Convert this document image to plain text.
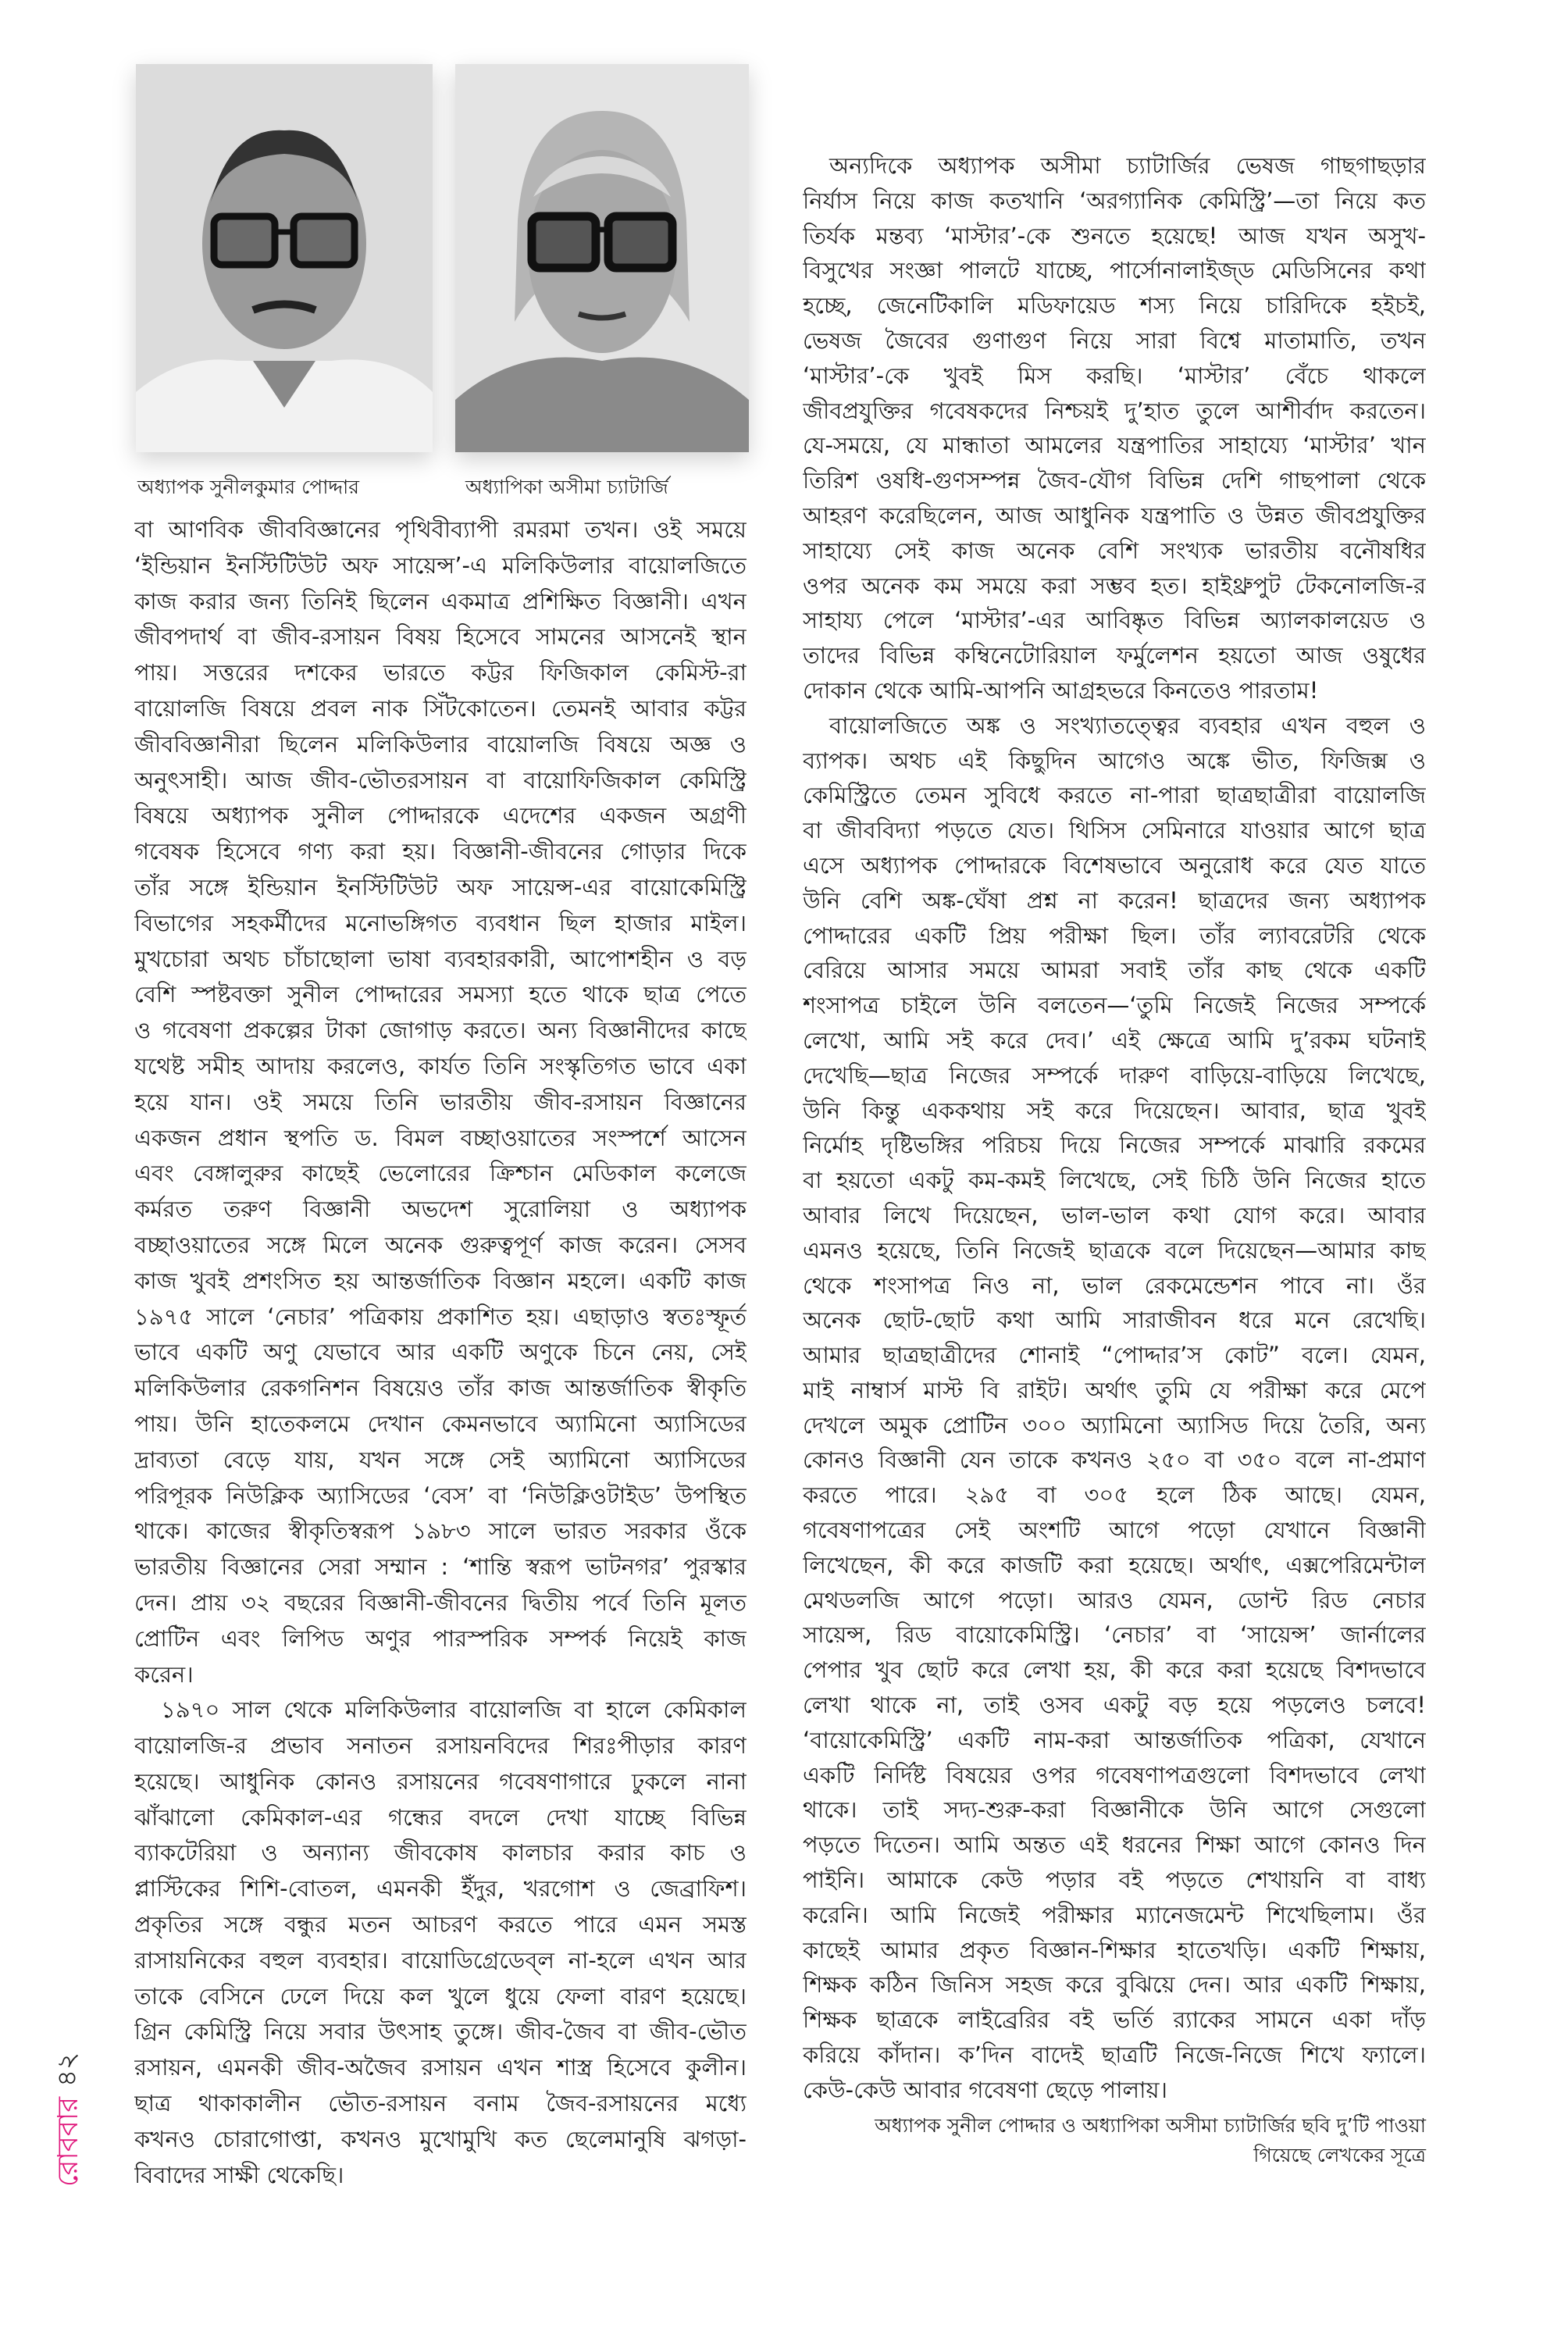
অধ্যাপক সুনীলকুমার পোদ্দার	অধ্যাপিকা অসীমা চ্যাটার্জি
বা আণবিক জীববিজ্ঞানের পৃথিবীব্যাপী রমরমা তখন। ওই সময়ে
‘ইন্ডিয়ান ইনস্টিটিউট অফ সায়েন্স’-এ মলিকিউলার বায়োলজিতে
কাজ করার জন্য তিনিই ছিলেন একমাত্র প্রশিক্ষিত বিজ্ঞানী। এখন
জীবপদার্থ বা জীব-রসায়ন বিষয় হিসেবে সামনের আসনেই স্থান
পায়। সত্তরের দশকের ভারতে কট্টর ফিজিকাল কেমিস্ট-রা
বায়োলজি বিষয়ে প্রবল নাক সিঁটকোতেন। তেমনই আবার কট্টর
জীববিজ্ঞানীরা ছিলেন মলিকিউলার বায়োলজি বিষয়ে অজ্ঞ ও
অনুৎসাহী। আজ জীব-ভৌতরসায়ন বা বায়োফিজিকাল কেমিস্ট্রি
বিষয়ে অধ্যাপক সুনীল পোদ্দারকে এদেশের একজন অগ্রণী
গবেষক হিসেবে গণ্য করা হয়। বিজ্ঞানী-জীবনের গোড়ার দিকে
তাঁর সঙ্গে ইন্ডিয়ান ইনস্টিটিউট অফ সায়েন্স-এর বায়োকেমিস্ট্রি
বিভাগের সহকর্মীদের মনোভঙ্গিগত ব্যবধান ছিল হাজার মাইল।
মুখচোরা অথচ চাঁচাছোলা ভাষা ব্যবহারকারী, আপোশহীন ও বড়
বেশি স্পষ্টবক্তা সুনীল পোদ্দারের সমস্যা হতে থাকে ছাত্র পেতে
ও গবেষণা প্রকল্পের টাকা জোগাড় করতে। অন্য বিজ্ঞানীদের কাছে
যথেষ্ট সমীহ আদায় করলেও, কার্যত তিনি সংস্কৃতিগত ভাবে একা
হয়ে যান। ওই সময়ে তিনি ভারতীয় জীব-রসায়ন বিজ্ঞানের
একজন প্রধান স্থপতি ড. বিমল বচ্ছাওয়াতের সংস্পর্শে আসেন
এবং বেঙ্গালুরুর কাছেই ভেলোরের ক্রিশ্চান মেডিকাল কলেজে
কর্মরত তরুণ বিজ্ঞানী অভদেশ সুরোলিয়া ও অধ্যাপক
বচ্ছাওয়াতের সঙ্গে মিলে অনেক গুরুত্বপূর্ণ কাজ করেন। সেসব
কাজ খুবই প্রশংসিত হয় আন্তর্জাতিক বিজ্ঞান মহলে। একটি কাজ
১৯৭৫ সালে ‘নেচার’ পত্রিকায় প্রকাশিত হয়। এছাড়াও স্বতঃস্ফূর্ত
ভাবে একটি অণু যেভাবে আর একটি অণুকে চিনে নেয়, সেই
মলিকিউলার রেকগনিশন বিষয়েও তাঁর কাজ আন্তর্জাতিক স্বীকৃতি
পায়। উনি হাতেকলমে দেখান কেমনভাবে অ্যামিনো অ্যাসিডের
দ্রাব্যতা বেড়ে যায়, যখন সঙ্গে সেই অ্যামিনো অ্যাসিডের
পরিপূরক নিউক্লিক অ্যাসিডের ‘বেস’ বা ‘নিউক্লিওটাইড’ উপস্থিত
থাকে। কাজের স্বীকৃতিস্বরূপ ১৯৮৩ সালে ভারত সরকার ওঁকে
ভারতীয় বিজ্ঞানের সেরা সম্মান : ‘শান্তি স্বরূপ ভাটনগর’ পুরস্কার
দেন। প্রায় ৩২ বছরের বিজ্ঞানী-জীবনের দ্বিতীয় পর্বে তিনি মূলত
প্রোটিন এবং লিপিড অণুর পারস্পরিক সম্পর্ক নিয়েই কাজ
করেন।
১৯৭০ সাল থেকে মলিকিউলার বায়োলজি বা হালে কেমিকাল
বায়োলজি-র প্রভাব সনাতন রসায়নবিদের শিরঃপীড়ার কারণ
হয়েছে। আধুনিক কোনও রসায়নের গবেষণাগারে ঢুকলে নানা
ঝাঁঝালো কেমিকাল-এর গন্ধের বদলে দেখা যাচ্ছে বিভিন্ন
ব্যাকটেরিয়া ও অন্যান্য জীবকোষ কালচার করার কাচ ও
প্লাস্টিকের শিশি-বোতল, এমনকী ইঁদুর, খরগোশ ও জেব্রাফিশ।
প্রকৃতির সঙ্গে বন্ধুর মতন আচরণ করতে পারে এমন সমস্ত
রাসায়নিকের বহুল ব্যবহার। বায়োডিগ্রেডেব্‌ল না-হলে এখন আর
তাকে বেসিনে ঢেলে দিয়ে কল খুলে ধুয়ে ফেলা বারণ হয়েছে।
গ্রিন কেমিস্ট্রি নিয়ে সবার উৎসাহ তুঙ্গে। জীব-জৈব বা জীব-ভৌত
রসায়ন, এমনকী জীব-অজৈব রসায়ন এখন শাস্ত্র হিসেবে কুলীন।
ছাত্র থাকাকালীন ভৌত-রসায়ন বনাম জৈব-রসায়নের মধ্যে
কখনও চোরাগোপ্তা, কখনও মুখোমুখি কত ছেলেমানুষি ঝগড়া-
বিবাদের সাক্ষী থেকেছি।
অন্যদিকে অধ্যাপক অসীমা চ্যাটার্জির ভেষজ গাছগাছড়ার
নির্যাস নিয়ে কাজ কতখানি ‘অরগ্যানিক কেমিস্ট্রি’—তা নিয়ে কত
তির্যক মন্তব্য ‘মাস্টার’-কে শুনতে হয়েছে! আজ যখন অসুখ-
বিসুখের সংজ্ঞা পালটে যাচ্ছে, পার্সোনালাইজ্‌ড মেডিসিনের কথা
হচ্ছে, জেনেটিকালি মডিফায়েড শস্য নিয়ে চারিদিকে হইচই,
ভেষজ জৈবের গুণাগুণ নিয়ে সারা বিশ্বে মাতামাতি, তখন
‘মাস্টার’-কে খুবই মিস করছি। ‘মাস্টার’ বেঁচে থাকলে
জীবপ্রযুক্তির গবেষকদের নিশ্চয়ই দু’হাত তুলে আশীর্বাদ করতেন।
যে-সময়ে, যে মান্ধাতা আমলের যন্ত্রপাতির সাহায্যে ‘মাস্টার’ খান
তিরিশ ওষধি-গুণসম্পন্ন জৈব-যৌগ বিভিন্ন দেশি গাছপালা থেকে
আহরণ করেছিলেন, আজ আধুনিক যন্ত্রপাতি ও উন্নত জীবপ্রযুক্তির
সাহায্যে সেই কাজ অনেক বেশি সংখ্যক ভারতীয় বনৌষধির
ওপর অনেক কম সময়ে করা সম্ভব হত। হাইথ্রুপুট টেকনোলজি-র
সাহায্য পেলে ‘মাস্টার’-এর আবিষ্কৃত বিভিন্ন অ্যালকালয়েড ও
তাদের বিভিন্ন কম্বিনেটোরিয়াল ফর্মুলেশন হয়তো আজ ওষুধের
দোকান থেকে আমি-আপনি আগ্রহভরে কিনতেও পারতাম!
বায়োলজিতে অঙ্ক ও সংখ্যাতত্ত্বের ব্যবহার এখন বহুল ও
ব্যাপক। অথচ এই কিছুদিন আগেও অঙ্কে ভীত, ফিজিক্স ও
কেমিস্ট্রিতে তেমন সুবিধে করতে না-পারা ছাত্রছাত্রীরা বায়োলজি
বা জীববিদ্যা পড়তে যেত। থিসিস সেমিনারে যাওয়ার আগে ছাত্র
এসে অধ্যাপক পোদ্দারকে বিশেষভাবে অনুরোধ করে যেত যাতে
উনি বেশি অঙ্ক-ঘেঁষা প্রশ্ন না করেন! ছাত্রদের জন্য অধ্যাপক
পোদ্দারের একটি প্রিয় পরীক্ষা ছিল। তাঁর ল্যাবরেটরি থেকে
বেরিয়ে আসার সময়ে আমরা সবাই তাঁর কাছ থেকে একটি
শংসাপত্র চাইলে উনি বলতেন—‘তুমি নিজেই নিজের সম্পর্কে
লেখো, আমি সই করে দেব।’ এই ক্ষেত্রে আমি দু’রকম ঘটনাই
দেখেছি—ছাত্র নিজের সম্পর্কে দারুণ বাড়িয়ে-বাড়িয়ে লিখেছে,
উনি কিন্তু এককথায় সই করে দিয়েছেন। আবার, ছাত্র খুবই
নির্মোহ দৃষ্টিভঙ্গির পরিচয় দিয়ে নিজের সম্পর্কে মাঝারি রকমের
বা হয়তো একটু কম-কমই লিখেছে, সেই চিঠি উনি নিজের হাতে
আবার লিখে দিয়েছেন, ভাল-ভাল কথা যোগ করে। আবার
এমনও হয়েছে, তিনি নিজেই ছাত্রকে বলে দিয়েছেন—আমার কাছ
থেকে শংসাপত্র নিও না, ভাল রেকমেন্ডেশন পাবে না। ওঁর
অনেক ছোট-ছোট কথা আমি সারাজীবন ধরে মনে রেখেছি।
আমার ছাত্রছাত্রীদের শোনাই “পোদ্দার’স কোট” বলে। যেমন,
মাই নাম্বার্স মাস্ট বি রাইট। অর্থাৎ তুমি যে পরীক্ষা করে মেপে
দেখলে অমুক প্রোটিন ৩০০ অ্যামিনো অ্যাসিড দিয়ে তৈরি, অন্য
কোনও বিজ্ঞানী যেন তাকে কখনও ২৫০ বা ৩৫০ বলে না-প্রমাণ
করতে পারে। ২৯৫ বা ৩০৫ হলে ঠিক আছে। যেমন,
গবেষণাপত্রের সেই অংশটি আগে পড়ো যেখানে বিজ্ঞানী
লিখেছেন, কী করে কাজটি করা হয়েছে। অর্থাৎ, এক্সপেরিমেন্টাল
মেথডলজি আগে পড়ো। আরও যেমন, ডোন্ট রিড নেচার
সায়েন্স, রিড বায়োকেমিস্ট্রি। ‘নেচার’ বা ‘সায়েন্স’ জার্নালের
পেপার খুব ছোট করে লেখা হয়, কী করে করা হয়েছে বিশদভাবে
লেখা থাকে না, তাই ওসব একটু বড় হয়ে পড়লেও চলবে!
‘বায়োকেমিস্ট্রি’ একটি নাম-করা আন্তর্জাতিক পত্রিকা, যেখানে
একটি নির্দিষ্ট বিষয়ের ওপর গবেষণাপত্রগুলো বিশদভাবে লেখা
থাকে। তাই সদ্য-শুরু-করা বিজ্ঞানীকে উনি আগে সেগুলো
পড়তে দিতেন। আমি অন্তত এই ধরনের শিক্ষা আগে কোনও দিন
পাইনি। আমাকে কেউ পড়ার বই পড়তে শেখায়নি বা বাধ্য
করেনি। আমি নিজেই পরীক্ষার ম্যানেজমেন্ট শিখেছিলাম। ওঁর
কাছেই আমার প্রকৃত বিজ্ঞান-শিক্ষার হাতেখড়ি। একটি শিক্ষায়,
শিক্ষক কঠিন জিনিস সহজ করে বুঝিয়ে দেন। আর একটি শিক্ষায়,
শিক্ষক ছাত্রকে লাইব্রেরির বই ভর্তি র‍্যাকের সামনে একা দাঁড়
করিয়ে কাঁদান। ক’দিন বাদেই ছাত্রটি নিজে-নিজে শিখে ফ্যালে।
কেউ-কেউ আবার গবেষণা ছেড়ে পালায়।
অধ্যাপক সুনীল পোদ্দার ও অধ্যাপিকা অসীমা চ্যাটার্জির ছবি দু’টি পাওয়া
গিয়েছে লেখকের সূত্রে
৪২
রোববার
